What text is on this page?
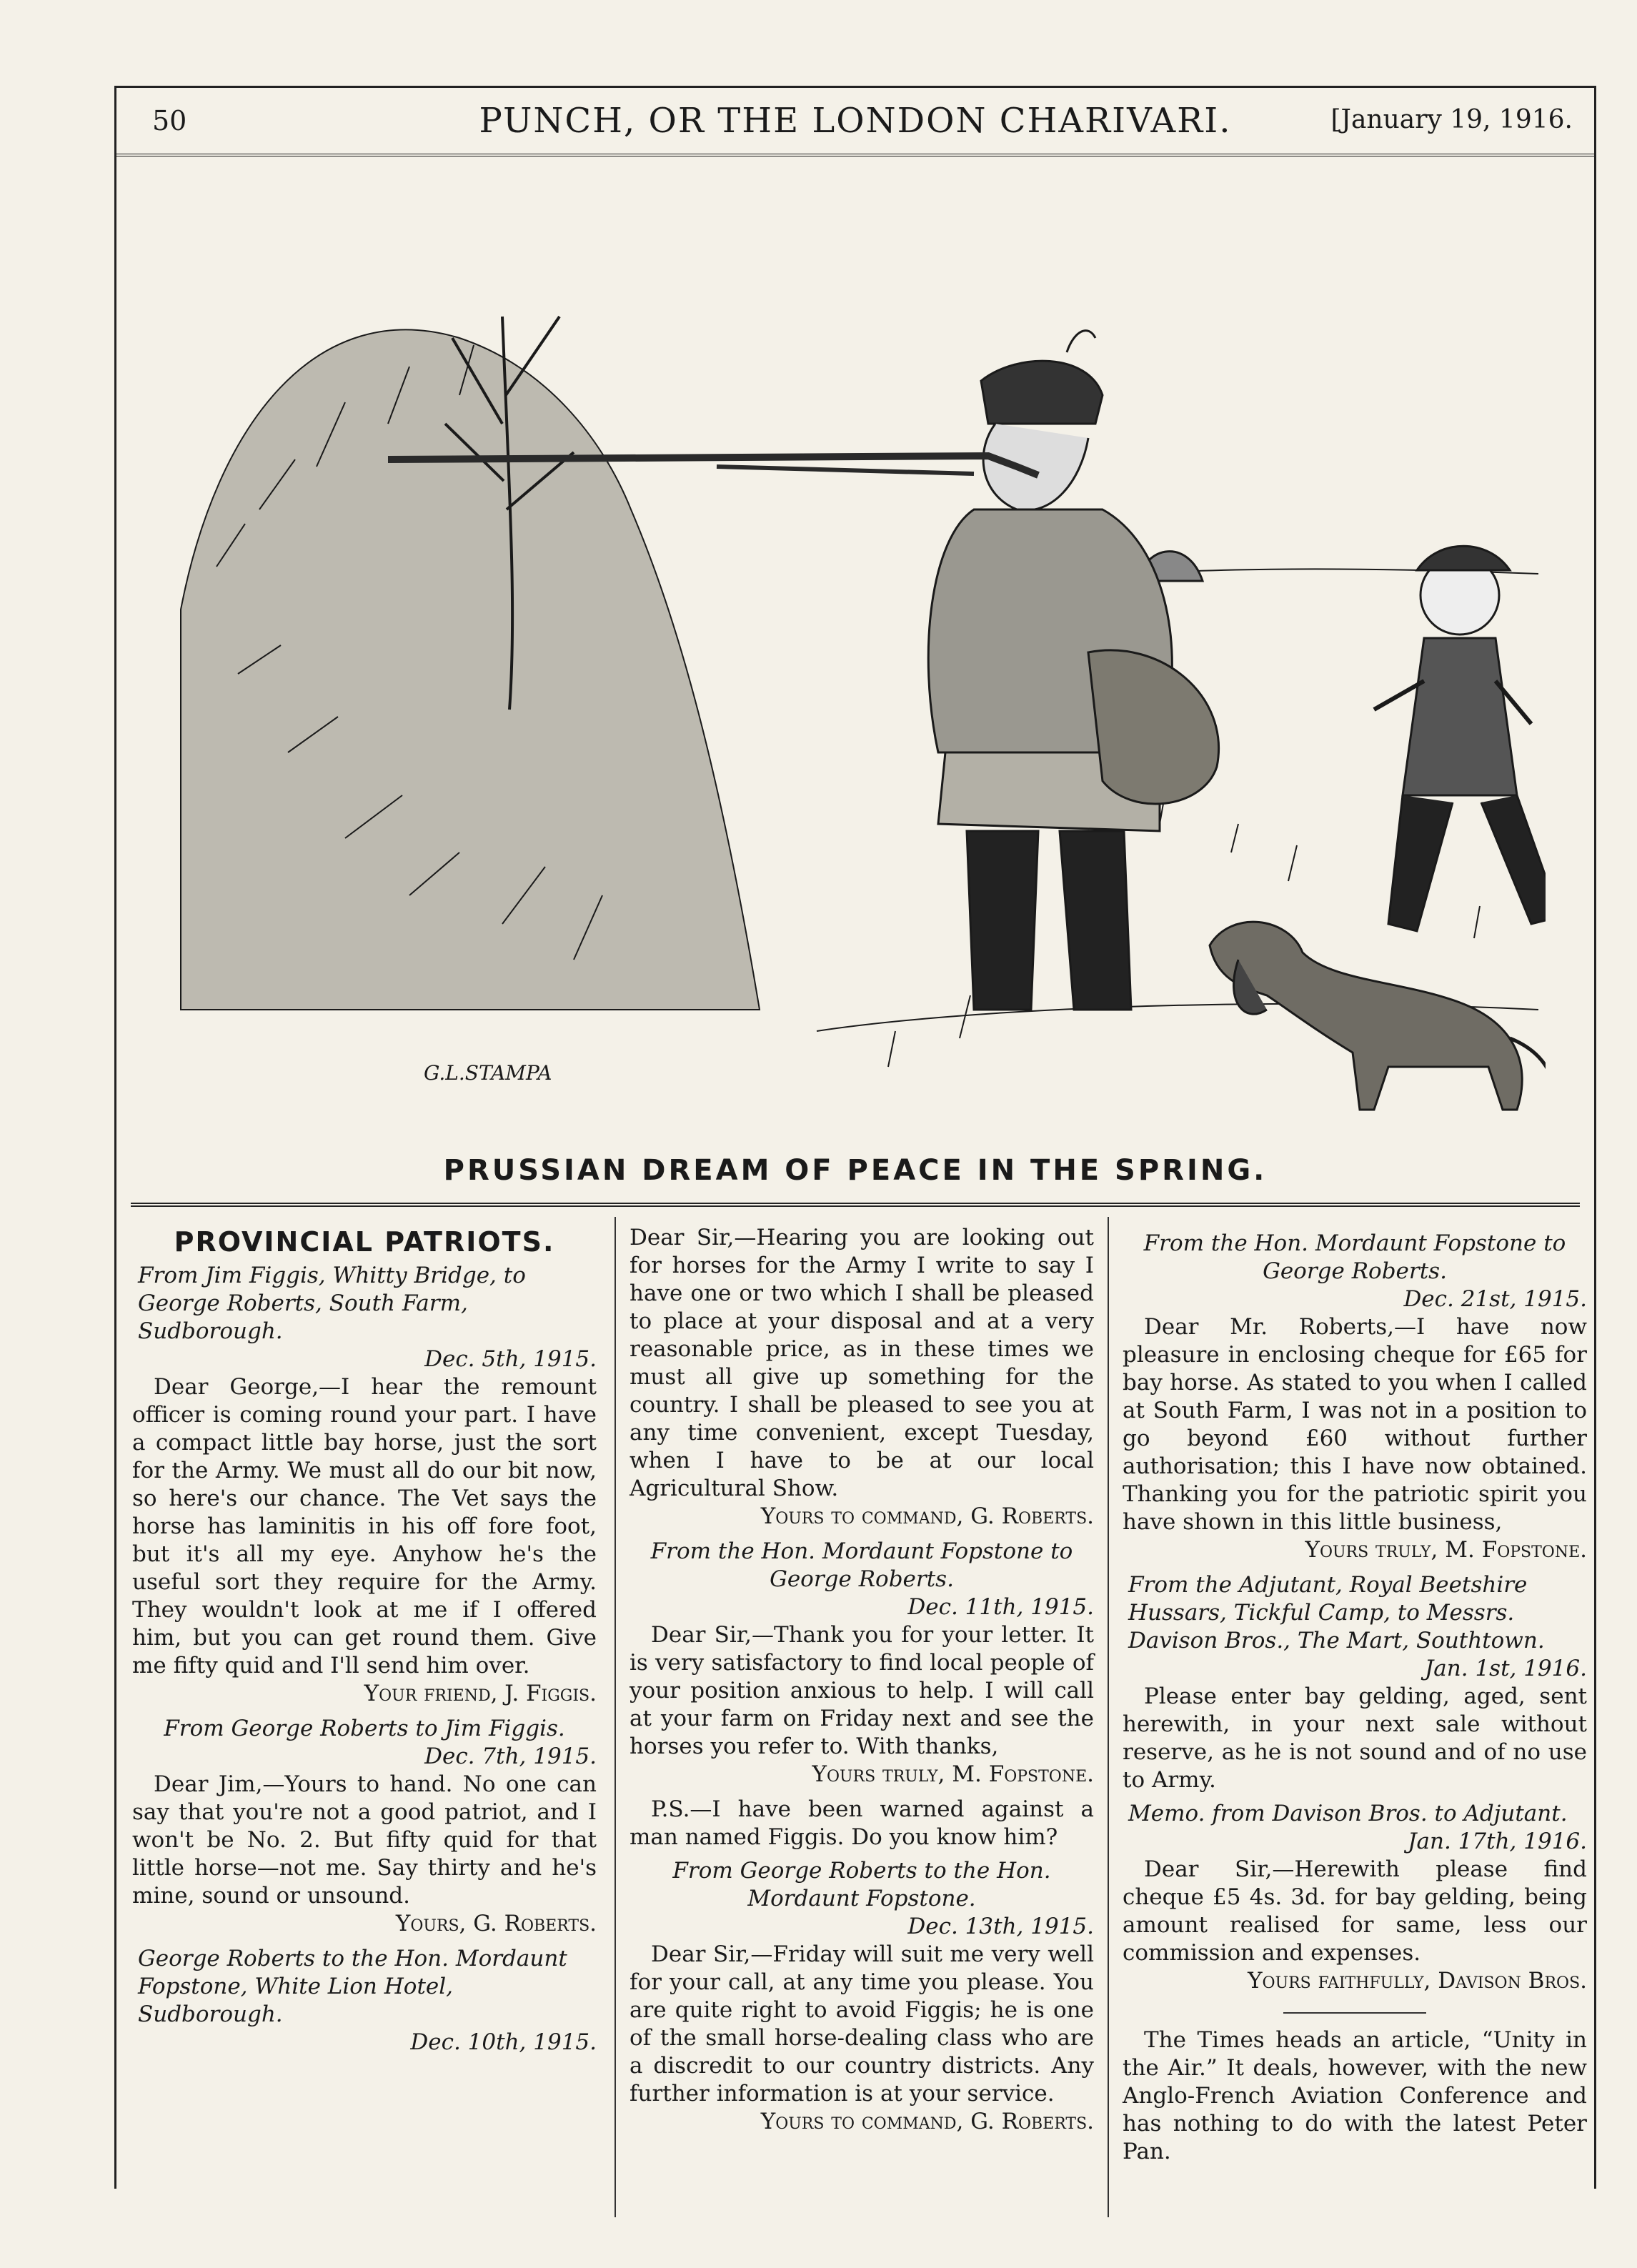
50	PUNCH, OR THE LONDON CHARIVARI.	[January 19, 1916.
G.L.STAMPA
PRUSSIAN DREAM OF PEACE IN THE SPRING.
PROVINCIAL PATRIOTS.

From Jim Figgis, Whitty Bridge, to George Roberts, South Farm, Sudborough.

Dec. 5th, 1915.

Dear George,—I hear the remount officer is coming round your part. I have a compact little bay horse, just the sort for the Army. We must all do our bit now, so here's our chance. The Vet says the horse has laminitis in his off fore foot, but it's all my eye. Anyhow he's the useful sort they require for the Army. They wouldn't look at me if I offered him, but you can get round them. Give me fifty quid and I'll send him over.

Your friend, J. Figgis.

From George Roberts to Jim Figgis.

Dec. 7th, 1915.

Dear Jim,—Yours to hand. No one can say that you're not a good patriot, and I won't be No. 2. But fifty quid for that little horse—not me. Say thirty and he's mine, sound or unsound.

Yours, G. Roberts.

George Roberts to the Hon. Mordaunt Fopstone, White Lion Hotel, Sudborough.

Dec. 10th, 1915.

Dear Sir,—Hearing you are looking out for horses for the Army I write to say I have one or two which I shall be pleased to place at your disposal and at a very reasonable price, as in these times we must all give up something for the country. I shall be pleased to see you at any time convenient, except Tuesday, when I have to be at our local Agricultural Show.

Yours to command, G. Roberts.

From the Hon. Mordaunt Fopstone to George Roberts.

Dec. 11th, 1915.

Dear Sir,—Thank you for your letter. It is very satisfactory to find local people of your position anxious to help. I will call at your farm on Friday next and see the horses you refer to. With thanks,

Yours truly, M. Fopstone.

P.S.—I have been warned against a man named Figgis. Do you know him?

From George Roberts to the Hon. Mordaunt Fopstone.

Dec. 13th, 1915.

Dear Sir,—Friday will suit me very well for your call, at any time you please. You are quite right to avoid Figgis; he is one of the small horse-dealing class who are a discredit to our country districts. Any further information is at your service.

Yours to command, G. Roberts.

From the Hon. Mordaunt Fopstone to George Roberts.

Dec. 21st, 1915.

Dear Mr. Roberts,—I have now pleasure in enclosing cheque for £65 for bay horse. As stated to you when I called at South Farm, I was not in a position to go beyond £60 without further authorisation; this I have now obtained. Thanking you for the patriotic spirit you have shown in this little business,

Yours truly, M. Fopstone.

From the Adjutant, Royal Beetshire Hussars, Tickful Camp, to Messrs. Davison Bros., The Mart, Southtown.

Jan. 1st, 1916.

Please enter bay gelding, aged, sent herewith, in your next sale without reserve, as he is not sound and of no use to Army.

Memo. from Davison Bros. to Adjutant.

Jan. 17th, 1916.

Dear Sir,—Herewith please find cheque £5 4s. 3d. for bay gelding, being amount realised for same, less our commission and expenses.

Yours faithfully, Davison Bros.

The Times heads an article, “Unity in the Air.” It deals, however, with the new Anglo-French Aviation Conference and has nothing to do with the latest Peter Pan.
